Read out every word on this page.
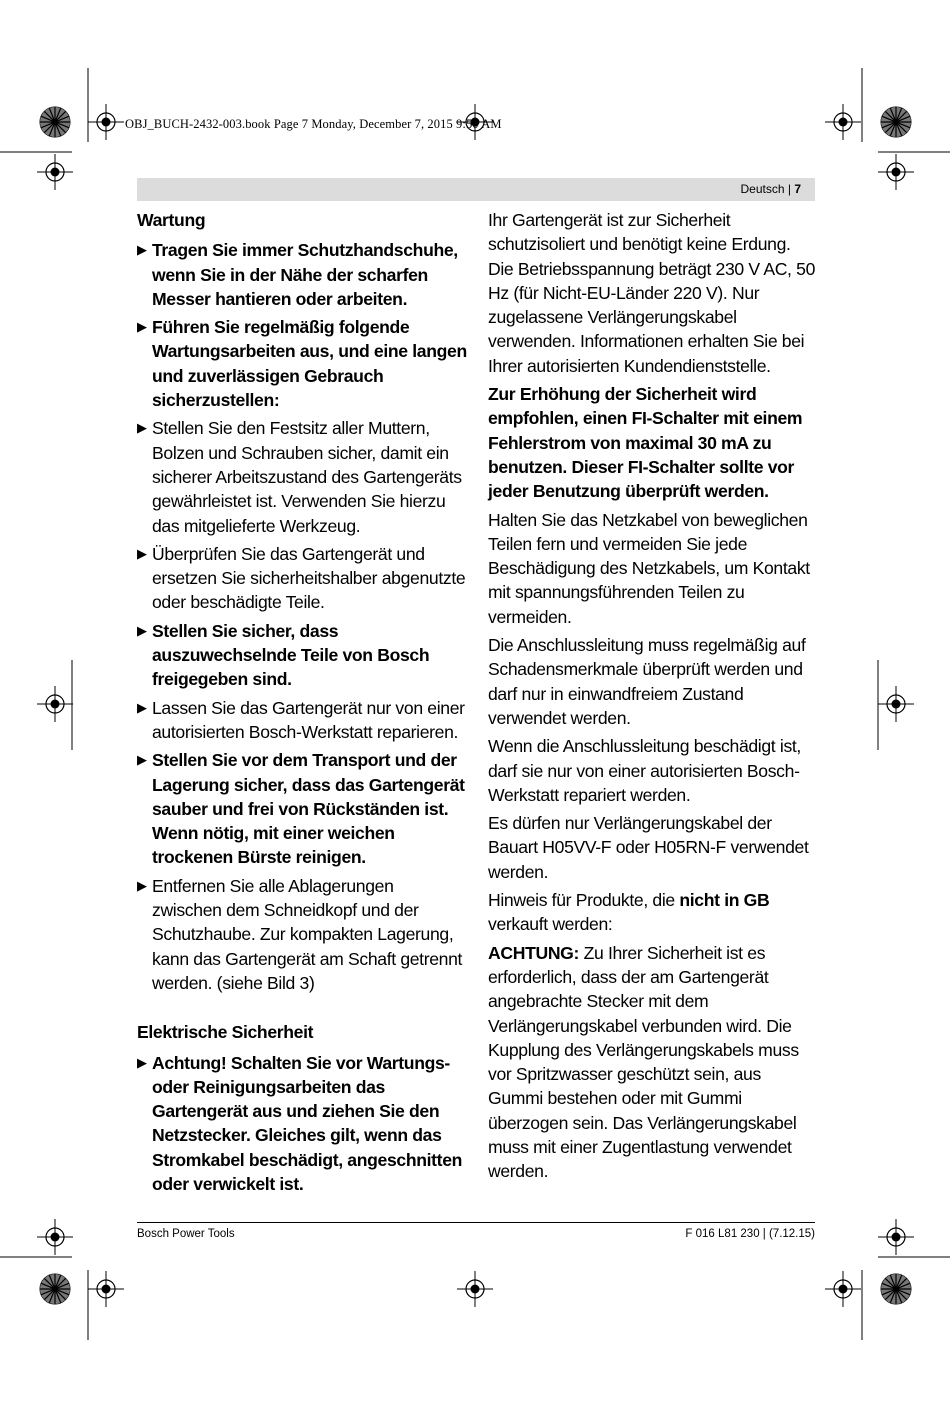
OBJ_BUCH-2432-003.book Page 7 Monday, December 7, 2015 9:50 AM
Deutsch | 7
Wartung
▶ Tragen Sie immer Schutzhandschuhe, wenn Sie in der Nähe der scharfen Messer hantieren oder arbeiten.
▶ Führen Sie regelmäßig folgende Wartungsarbeiten aus, und eine langen und zuverlässigen Gebrauch sicherzustellen:
▶ Stellen Sie den Festsitz aller Muttern, Bolzen und Schrauben sicher, damit ein sicherer Arbeitszustand des Gartengeräts gewährleistet ist. Verwenden Sie hierzu das mitgelieferte Werkzeug.
▶ Überprüfen Sie das Gartengerät und ersetzen Sie sicherheitshalber abgenutzte oder beschädigte Teile.
▶ Stellen Sie sicher, dass auszuwechselnde Teile von Bosch freigegeben sind.
▶ Lassen Sie das Gartengerät nur von einer autorisierten Bosch-Werkstatt reparieren.
▶ Stellen Sie vor dem Transport und der Lagerung sicher, dass das Gartengerät sauber und frei von Rückständen ist. Wenn nötig, mit einer weichen trockenen Bürste reinigen.
▶ Entfernen Sie alle Ablagerungen zwischen dem Schneidkopf und der Schutzhaube. Zur kompakten Lagerung, kann das Gartengerät am Schaft getrennt werden. (siehe Bild 3)
Elektrische Sicherheit
▶ Achtung! Schalten Sie vor Wartungs- oder Reinigungsarbeiten das Gartengerät aus und ziehen Sie den Netzstecker. Gleiches gilt, wenn das Stromkabel beschädigt, angeschnitten oder verwickelt ist.
Ihr Gartengerät ist zur Sicherheit schutzisoliert und benötigt keine Erdung. Die Betriebsspannung beträgt 230 V AC, 50 Hz (für Nicht-EU-Länder 220 V). Nur zugelassene Verlängerungskabel verwenden. Informationen erhalten Sie bei Ihrer autorisierten Kundendienststelle.
Zur Erhöhung der Sicherheit wird empfohlen, einen FI-Schalter mit einem Fehlerstrom von maximal 30 mA zu benutzen. Dieser FI-Schalter sollte vor jeder Benutzung überprüft werden.
Halten Sie das Netzkabel von beweglichen Teilen fern und vermeiden Sie jede Beschädigung des Netzkabels, um Kontakt mit spannungsführenden Teilen zu vermeiden.
Die Anschlussleitung muss regelmäßig auf Schadensmerkmale überprüft werden und darf nur in einwandfreiem Zustand verwendet werden.
Wenn die Anschlussleitung beschädigt ist, darf sie nur von einer autorisierten Bosch-Werkstatt repariert werden.
Es dürfen nur Verlängerungskabel der Bauart H05VV-F oder H05RN-F verwendet werden.
Hinweis für Produkte, die nicht in GB verkauft werden:
ACHTUNG: Zu Ihrer Sicherheit ist es erforderlich, dass der am Gartengerät angebrachte Stecker mit dem Verlängerungskabel verbunden wird. Die Kupplung des Verlängerungskabels muss vor Spritzwasser geschützt sein, aus Gummi bestehen oder mit Gummi überzogen sein. Das Verlängerungskabel muss mit einer Zugentlastung verwendet werden.
Bosch Power Tools	F 016 L81 230 | (7.12.15)
